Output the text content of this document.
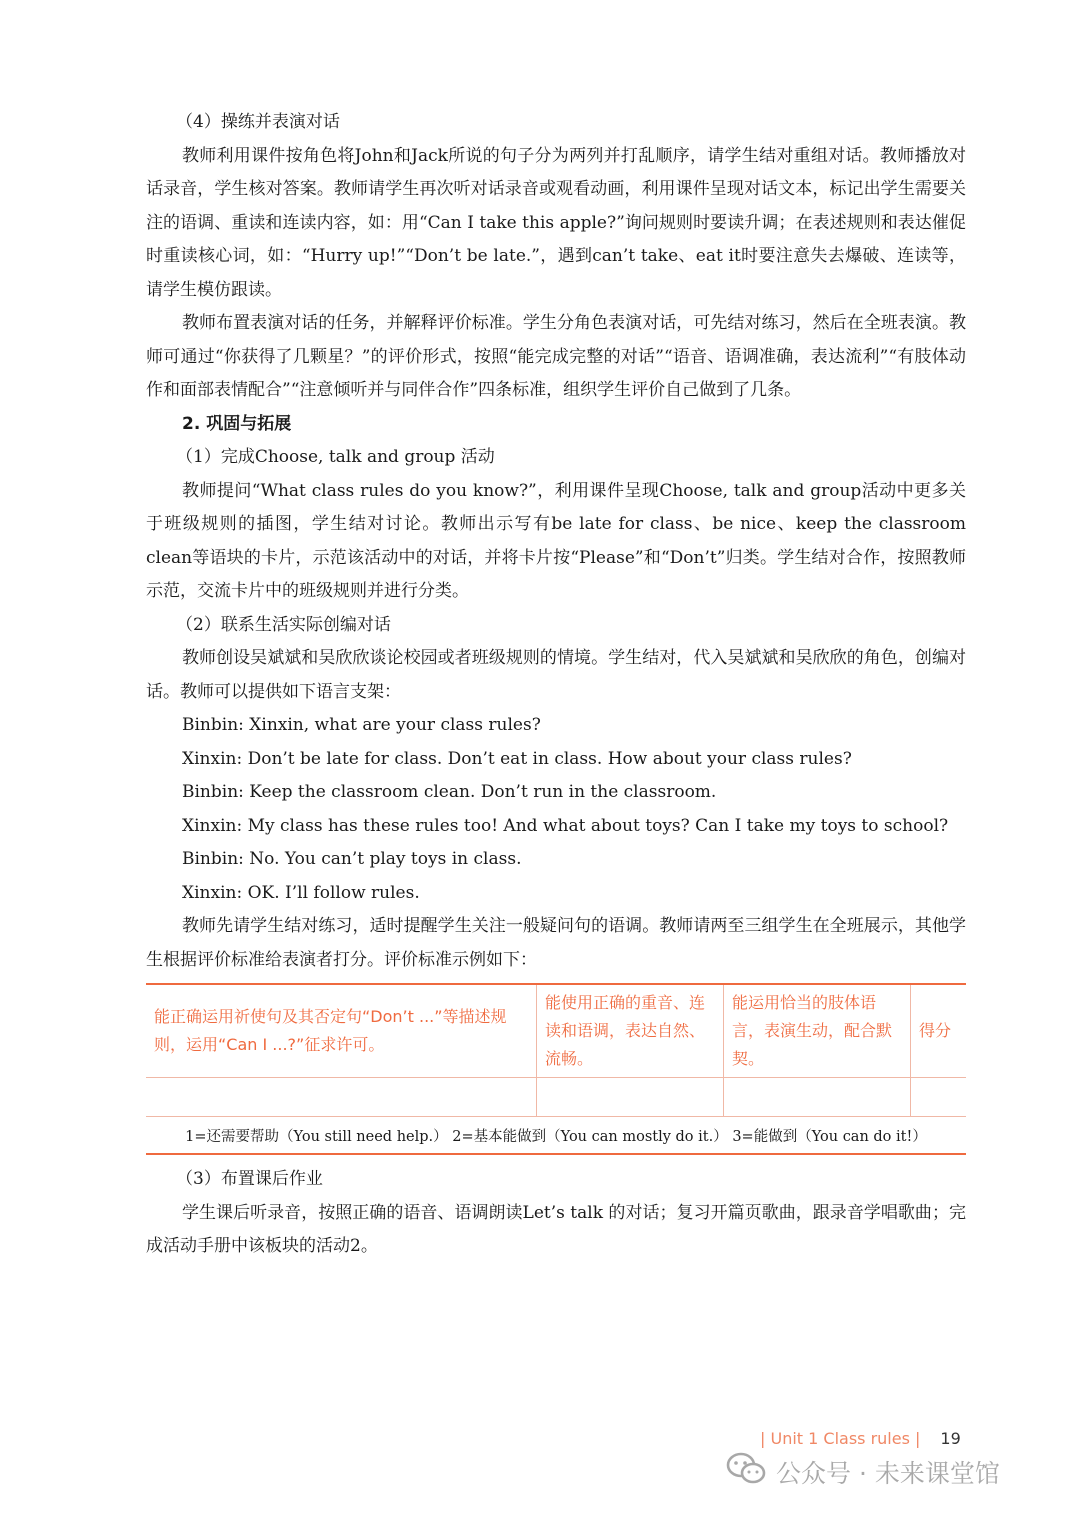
（4）操练并表演对话

教师利用课件按角色将John和Jack所说的句子分为两列并打乱顺序，请学生结对重组对话。教师播放对话录音，学生核对答案。教师请学生再次听对话录音或观看动画，利用课件呈现对话文本，标记出学生需要关注的语调、重读和连读内容，如：用“Can I take this apple?”询问规则时要读升调；在表述规则和表达催促时重读核心词，如：“Hurry up!”“Don’t be late.”，遇到can’t take、eat it时要注意失去爆破、连读等，请学生模仿跟读。

教师布置表演对话的任务，并解释评价标准。学生分角色表演对话，可先结对练习，然后在全班表演。教师可通过“你获得了几颗星？”的评价形式，按照“能完成完整的对话”“语音、语调准确，表达流利”“有肢体动作和面部表情配合”“注意倾听并与同伴合作”四条标准，组织学生评价自己做到了几条。

2. 巩固与拓展

（1）完成Choose, talk and group 活动

教师提问“What class rules do you know?”，利用课件呈现Choose, talk and group活动中更多关于班级规则的插图，学生结对讨论。教师出示写有be late for class、be nice、keep the classroom clean等语块的卡片，示范该活动中的对话，并将卡片按“Please”和“Don’t”归类。学生结对合作，按照教师示范，交流卡片中的班级规则并进行分类。

（2）联系生活实际创编对话

教师创设吴斌斌和吴欣欣谈论校园或者班级规则的情境。学生结对，代入吴斌斌和吴欣欣的角色，创编对话。教师可以提供如下语言支架：

Binbin: Xinxin, what are your class rules?

Xinxin: Don’t be late for class. Don’t eat in class. How about your class rules?

Binbin: Keep the classroom clean. Don’t run in the classroom.

Xinxin: My class has these rules too! And what about toys? Can I take my toys to school?

Binbin: No. You can’t play toys in class.

Xinxin: OK. I’ll follow rules.

教师先请学生结对练习，适时提醒学生关注一般疑问句的语调。教师请两至三组学生在全班展示，其他学生根据评价标准给表演者打分。评价标准示例如下：

能正确运用祈使句及其否定句“Don’t ...”等描述规则，运用“Can I ...?”征求许可。	能使用正确的重音、连读和语调，表达自然、流畅。	能运用恰当的肢体语言，表演生动，配合默契。	得分

1=还需要帮助（You still need help.） 2=基本能做到（You can mostly do it.） 3=能做到（You can do it!）			

（3）布置课后作业

学生课后听录音，按照正确的语音、语调朗读Let’s talk 的对话；复习开篇页歌曲，跟录音学唱歌曲；完成活动手册中该板块的活动2。

| Unit 1 Class rules | 19
公众号 · 未来课堂馆
